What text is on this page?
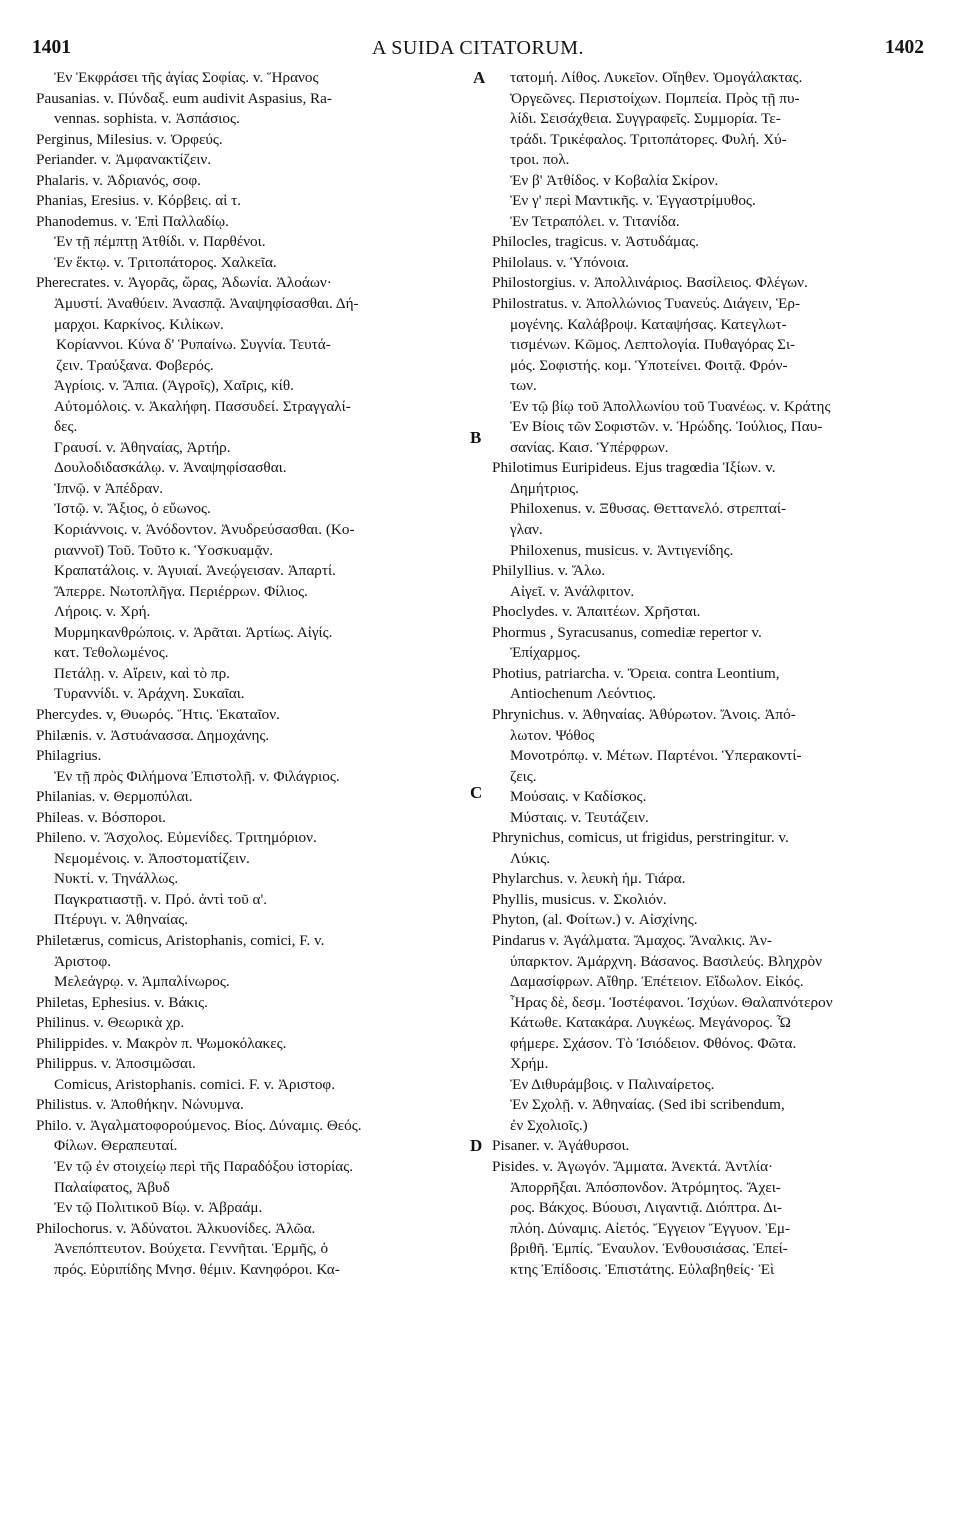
1401	A SUIDA CITATORUM.	1402
Ἐν Ἐκφράσει τῆς ἁγίας Σοφίας. v. Ἥρανος
Pausanias. v. Πύνδαξ. eum audivit Aspasius, Ra-
vennas. sophista. v. Ἀσπάσιος.
Perginus, Milesius. v. Ὀρφεύς.
Periander. v. Ἀμφανακτίζειν.
Phalaris. v. Ἀδριανός, σοφ.
Phanias, Eresius. v. Κόρβεις. αἱ τ.
Phanodemus. v. Ἐπὶ Παλλαδίῳ.
Ἐν τῇ πέμπτῃ Ἀτθίδι. v. Παρθένοι.
Ἐν ἕκτῳ. v. Τριτοπάτορος. Χαλκεῖα.
Pherecrates. v. Ἀγορᾶς, ὥρας, Ἀδωνία. Ἀλοάων·
Ἀμυστί. Ἀναθύειν. Ἀνασπᾷ. Ἀναψηφίσασθαι. Δή-
μαρχοι. Καρκίνος. Κιλίκων.
Κορίαννοι. Κύνα δ' Ῥυπαίνω. Συγνία. Τευτά-
ζειν. Τραύξανα. Φοβερός.
Ἀγρίοις. v. Ἄπια. (Ἀγροῖς), Χαῖρις, κίθ.
Αὐτομόλοις. v. Ἀκαλήφη. Πασσυδεί. Στραγγαλί-
δες.
Γραυσί. v. Ἀθηναίας, Ἀρτήρ.
Δουλοδιδασκάλῳ. v. Ἀναψηφίσασθαι.
Ἰπνῷ. v Ἀπέδραν.
Ἰστῷ. v. Ἄξιος, ὁ εὔωνος.
Κοριάννοις. v. Ἀνόδοντον. Ἀνυδρεύσασθαι. (Κο-
ριαννοῖ) Τοῦ. Τοῦτο κ. Ὑοσκυαμᾷν.
Κραπατάλοις. v. Ἀγυιαί. Ἀνεῴγεισαν. Ἀπαρτί.
Ἄπερρε. Νωτοπλῆγα. Περιέρρων. Φίλιος.
Λήροις. v. Χρή.
Μυρμηκανθρώποις. v. Ἀρᾶται. Ἀρτίως. Αἰγίς.
κατ. Τεθολωμένος.
Πετάλῃ. v. Αἴρειν, καὶ τὸ πρ.
Τυραννίδι. v. Ἀράχνη. Συκαῖαι.
Phercydes. v, Θυωρός. Ἥτις. Ἑκαταῖον.
Philænis. v. Ἀστυάνασσα. Δημοχάνης.
Philagrius.
Ἐν τῇ πρὸς Φιλήμονα Ἐπιστολῇ. v. Φιλάγριος.
Philanias. v. Θερμοπύλαι.
Phileas. v. Βόσποροι.
Phileno. v. Ἄσχολος. Εὐμενίδες. Τριτημόριον.
Νεμομένοις. v. Ἀποστοματίζειν.
Νυκτί. v. Τηνάλλως.
Παγκρατιαστῇ. v. Πρό. ἀντὶ τοῦ α'.
Πτέρυγι. v. Ἀθηναίας.
Philetærus, comicus, Aristophanis, comici, F. v.
Ἀριστοφ.
Μελεάγρῳ. v. Ἀμπαλίνωρος.
Philetas, Ephesius. v. Βάκις.
Philinus. v. Θεωρικὰ χρ.
Philippides. v. Μακρὸν π. Ψωμοκόλακες.
Philippus. v. Ἀποσιμῶσαι.
Comicus, Aristophanis. comici. F. v. Ἀριστοφ.
Philistus. v. Ἀποθήκην. Νώνυμνα.
Philo. v. Ἀγαλματοφορούμενος. Βίος. Δύναμις. Θεός.
Φίλων. Θεραπευταί.
Ἐν τῷ ἐν στοιχείῳ περὶ τῆς Παραδόξου ἱστορίας.
Παλαίφατος, Ἀβυδ
Ἐν τῷ Πολιτικοῦ Βίῳ. v. Ἀβραάμ.
Philochorus. v. Ἀδύνατοι. Ἀλκυονίδες. Ἀλῶα.
Ἀνεπόπτευτον. Βούχετα. Γεννῆται. Ἑρμῆς, ὁ
πρός. Εὐριπίδης Μνησ. θέμιν. Κανηφόροι. Κα-
τατομή. Λίθος. Λυκεῖον. Οἴηθεν. Ὀμογάλακτας.
Ὀργεῶνες. Περιστοίχων. Πομπεία. Πρὸς τῇ πυ-
λίδι. Σεισάχθεια. Συγγραφεῖς. Συμμορία. Τε-
τράδι. Τρικέφαλος. Τριτοπάτορες. Φυλή. Χύ-
τροι. πολ.
Ἐν β' Ἀτθίδος. v Κοβαλία Σκίρον.
Ἐν γ' περὶ Μαντικῆς. v. Ἐγγαστρίμυθος.
Ἐν Τετραπόλει. v. Τιτανίδα.
Philocles, tragicus. v. Ἀστυδάμας.
Philolaus. v. Ὑπόνοια.
Philostorgius. v. Ἀπολλινάριος. Βασίλειος. Φλέγων.
Philostratus. v. Ἀπολλώνιος Τυανεύς. Διάγειν, Ἑρ-
μογένης. Καλάβροψ. Καταψήσας. Κατεγλωτ-
τισμένων. Κῶμος. Λεπτολογία. Πυθαγόρας Σι-
μός. Σοφιστής. κομ. Ὑποτείνει. Φοιτᾷ. Φρόν-
των.
Ἐν τῷ βίῳ τοῦ Ἀπολλωνίου τοῦ Τυανέως. v. Κράτης
Ἐν Βίοις τῶν Σοφιστῶν. v. Ἡρώδης. Ἰούλιος, Παυ-
σανίας. Καισ. Ὑπέρφρων.
Philotimus Euripideus. Ejus tragœdia Ἰξίων. v.
Δημήτριος.
Philoxenus. v. Ξθυσας. Θεττανελό. στρεπταί-
γλαν.
Philoxenus, musicus. v. Ἀντιγενίδης.
Philyllius. v. Ἅλω.
Αἰγεῖ. v. Ἀνάλφιτον.
Phoclydes. v. Ἀπαιτέων. Χρῆσται.
Phormus , Syracusanus, comediæ repertor v.
Ἐπίχαρμος.
Photius, patriarcha. v. Ὄρεια. contra Leontium,
Antiochenum Λεόντιος.
Phrynichus. v. Ἀθηναίας. Ἀθύρωτον. Ἄνοις. Ἀπό-
λωτον. Ψόθος
Μονοτρόπῳ. v. Μέτων. Παρτένοι. Ὑπερακοντί-
ζεις.
Μούσαις. v Καδίσκος.
Μύσταις. v. Τευτάζειν.
Phrynichus, comicus, ut frigidus, perstringitur. v.
Λύκις.
Phylarchus. v. λευκὴ ἡμ. Τιάρα.
Phyllis, musicus. v. Σκολιόν.
Phyton, (al. Φοίτων.) v. Αἰσχίνης.
Pindarus v. Ἀγάλματα. Ἄμαχος. Ἄναλκις. Ἀν-
ύπαρκτον. Ἀμάρχνη. Βάσανος. Βασιλεύς. Βληχρὸν
Δαμασίφρων. Αἴθηρ. Ἐπέτειον. Εἴδωλον. Εἰκός.
Ἧρας δὲ, δεσμ. Ἰοστέφανοι. Ἰσχύων. Θαλαπνότερον
Κάτωθε. Κατακάρα. Λυγκέως. Μεγάνορος. Ὦ
φήμερε. Σχάσον. Τὸ Ἰσιόδειον. Φθόνος. Φῶτα.
Χρήμ.
Ἐν Διθυράμβοις. v Παλιναίρετος.
Ἐν Σχολῇ. v. Ἀθηναίας. (Sed ibi scribendum,
ἐν Σχολιοῖς.)
Pisaner. v. Ἀγάθυρσοι.
Pisides. v. Ἀγωγόν. Ἄμματα. Ἀνεκτά. Ἀντλία·
Ἀπορρῆξαι. Ἀπόσπονδον. Ἀτρόμητος. Ἄχει-
ρος. Βάκχος. Βύουσι, Λιγαντιᾷ. Διόπτρα. Δι-
πλόη. Δύναμις. Αἰετός. Ἔγγειον Ἔγγυον. Ἐμ-
βριθῆ. Ἐμπίς. Ἔναυλον. Ἐνθουσιάσας. Ἐπεί-
κτης Ἐπίδοσις. Ἐπιστάτης. Εὐλαβηθείς· Ἐὶ
A
B
C
D
